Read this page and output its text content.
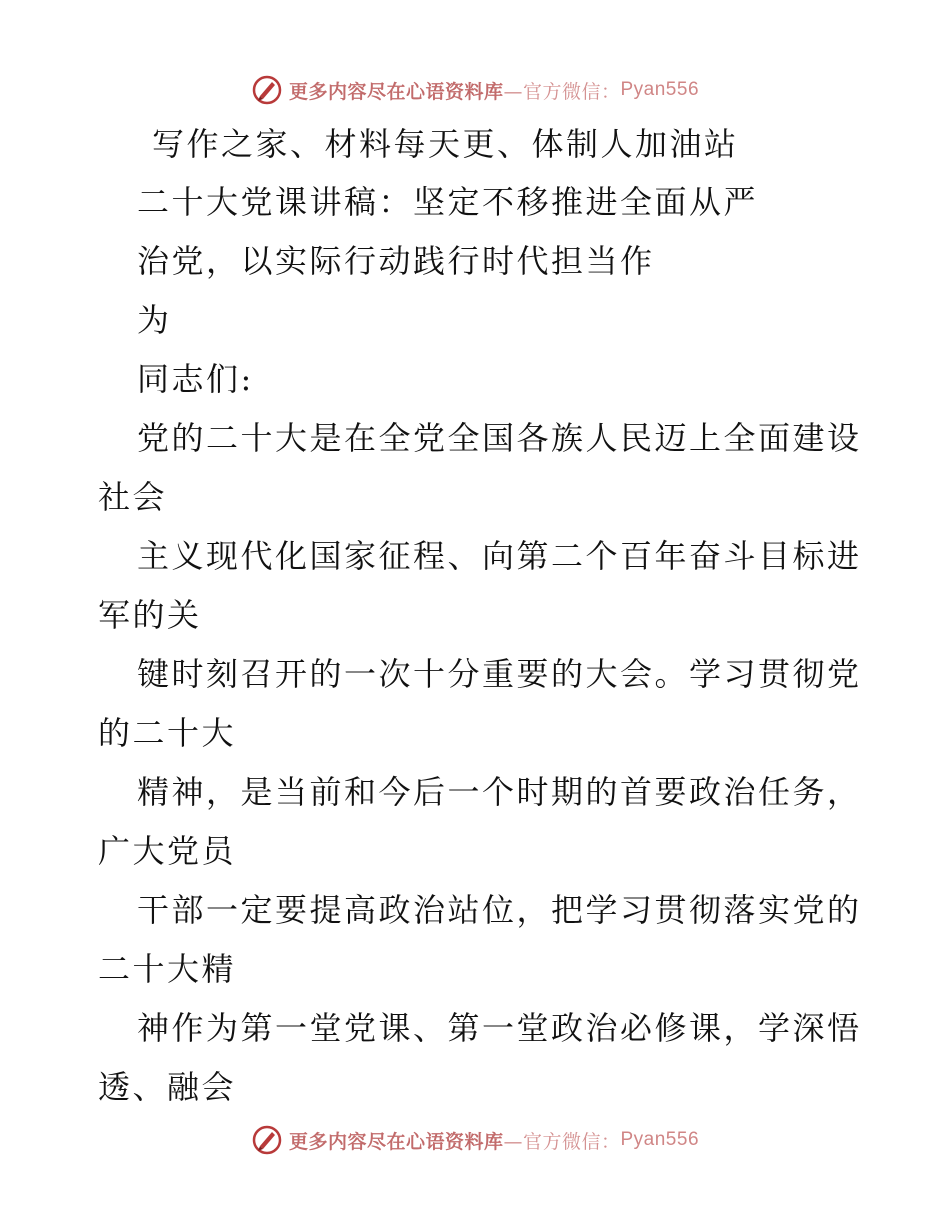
更多内容尽在心语资料库 —官方微信： Pyan556
写作之家、材料每天更、体制人加油站
二十大党课讲稿：坚定不移推进全面从严
治党，以实际行动践行时代担当作
为
同志们:
党的二十大是在全党全国各族人民迈上全面建设
社会
主义现代化国家征程、向第二个百年奋斗目标进
军的关
键时刻召开的一次十分重要的大会。学习贯彻党
的二十大
精神，是当前和今后一个时期的首要政治任务，
广大党员
干部一定要提高政治站位，把学习贯彻落实党的
二十大精
神作为第一堂党课、第一堂政治必修课，学深悟
透、融会
更多内容尽在心语资料库 —官方微信： Pyan556
